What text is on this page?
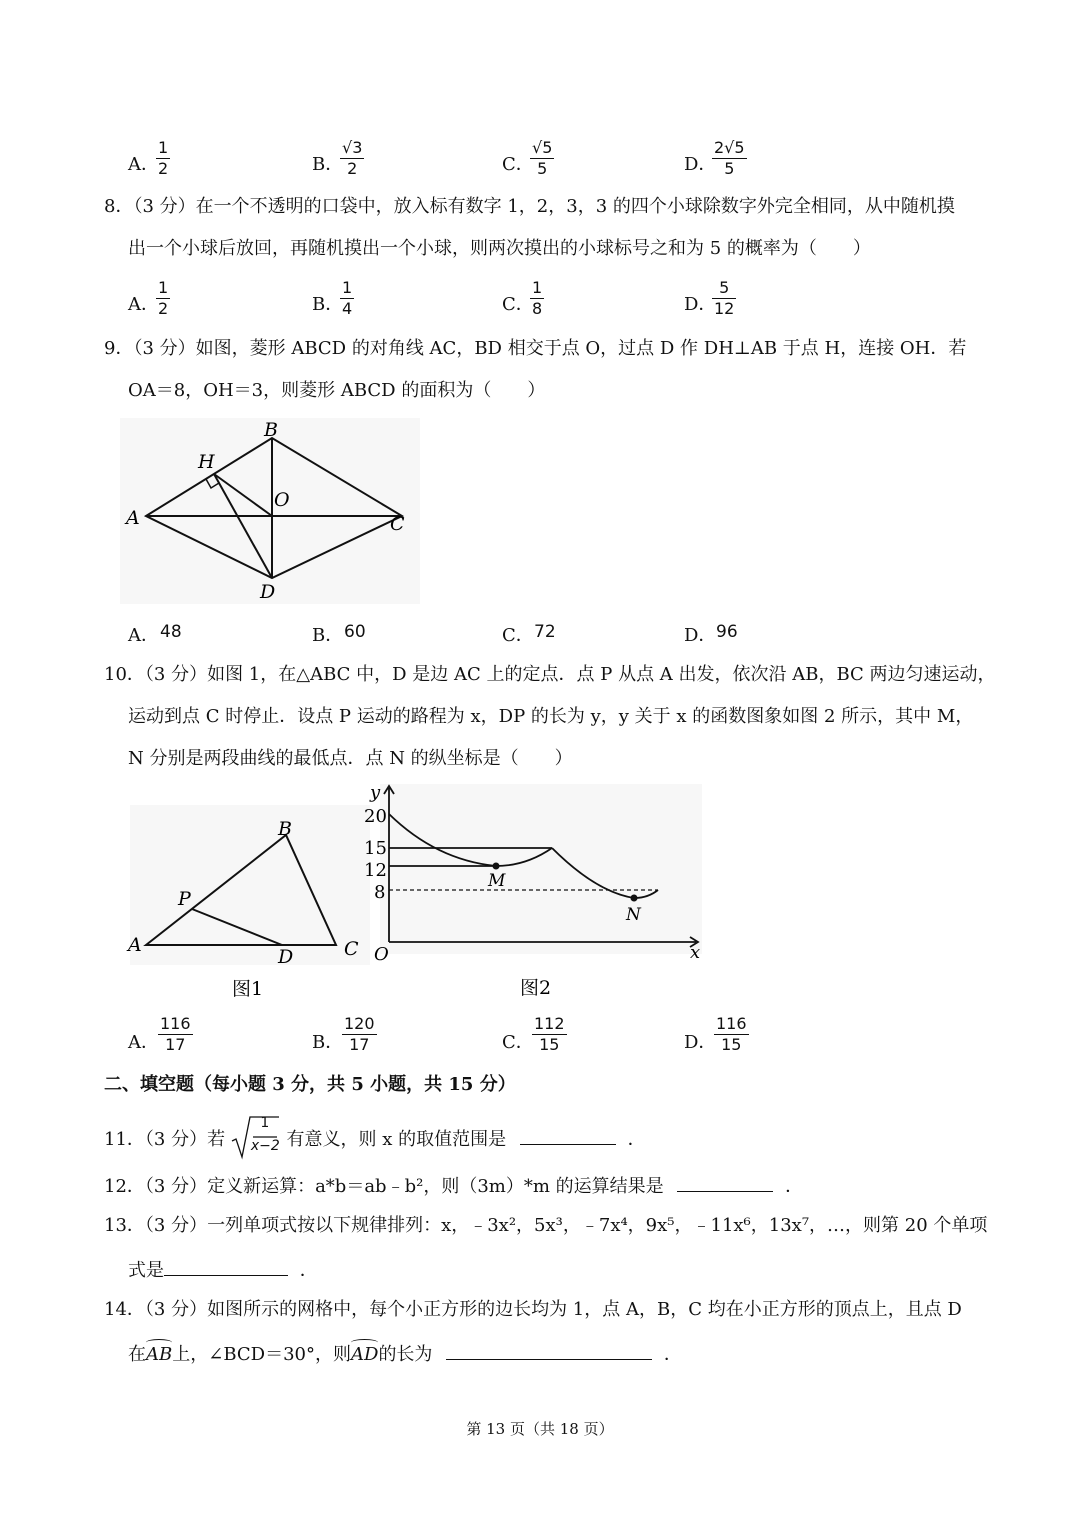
A．
$\frac{1}{2}$	B．
$\frac{√3}{2}$	C．
$\frac{√5}{5}$	D．
$\frac{2√5}{5}$
8．（3 分）在一个不透明的口袋中，放入标有数字 1，2，3，3 的四个小球除数字外完全相同，从中随机摸
出一个小球后放回，再随机摸出一个小球，则两次摸出的小球标号之和为 5 的概率为（　　）
A．
$\frac{1}{2}$	B．
$\frac{1}{4}$	C．
$\frac{1}{8}$	D．
$\frac{5}{12}$
9．（3 分）如图，菱形 ABCD 的对角线 AC，BD 相交于点 O，过点 D 作 DH⊥AB 于点 H，连接 OH．若
OA＝8，OH＝3，则菱形 ABCD 的面积为（　　）
A
B
C
D
H
O
A． 48	B． 60	C． 72	D． 96
10．（3 分）如图 1，在△ABC 中，D 是边 AC 上的定点．点 P 从点 A 出发，依次沿 AB，BC 两边匀速运动，
运动到点 C 时停止．设点 P 运动的路程为 x，DP 的长为 y，y 关于 x 的函数图象如图 2 所示，其中 M，
N 分别是两段曲线的最低点．点 N 的纵坐标是（　　）
A
B
C
D
P
图1
y
x
O
20
15
12
8
M
N
图2
A． $\frac{116}{17}$	B．
$\frac{120}{17}$	C．
$\frac{112}{15}$	D．
$\frac{116}{15}$
二、填空题（每小题 3 分，共 5 小题，共 15 分）
11．（3 分）若
1
x−2 有意义，则 x 的取值范围是	．
12．（3 分）定义新运算：a*b＝ab﹣b²，则（3m）*m 的运算结果是	．
13．（3 分）一列单项式按以下规律排列：x，﹣3x²，5x³，﹣7x⁴，9x⁵，﹣11x⁶，13x⁷，…，则第 20 个单项
式是	．
14．（3 分）如图所示的网格中，每个小正方形的边长均为 1，点 A，B，C 均在小正方形的顶点上，且点 D
在
AB上，∠BCD＝30°，则
AD的长为	．
第 13 页（共 18 页）
